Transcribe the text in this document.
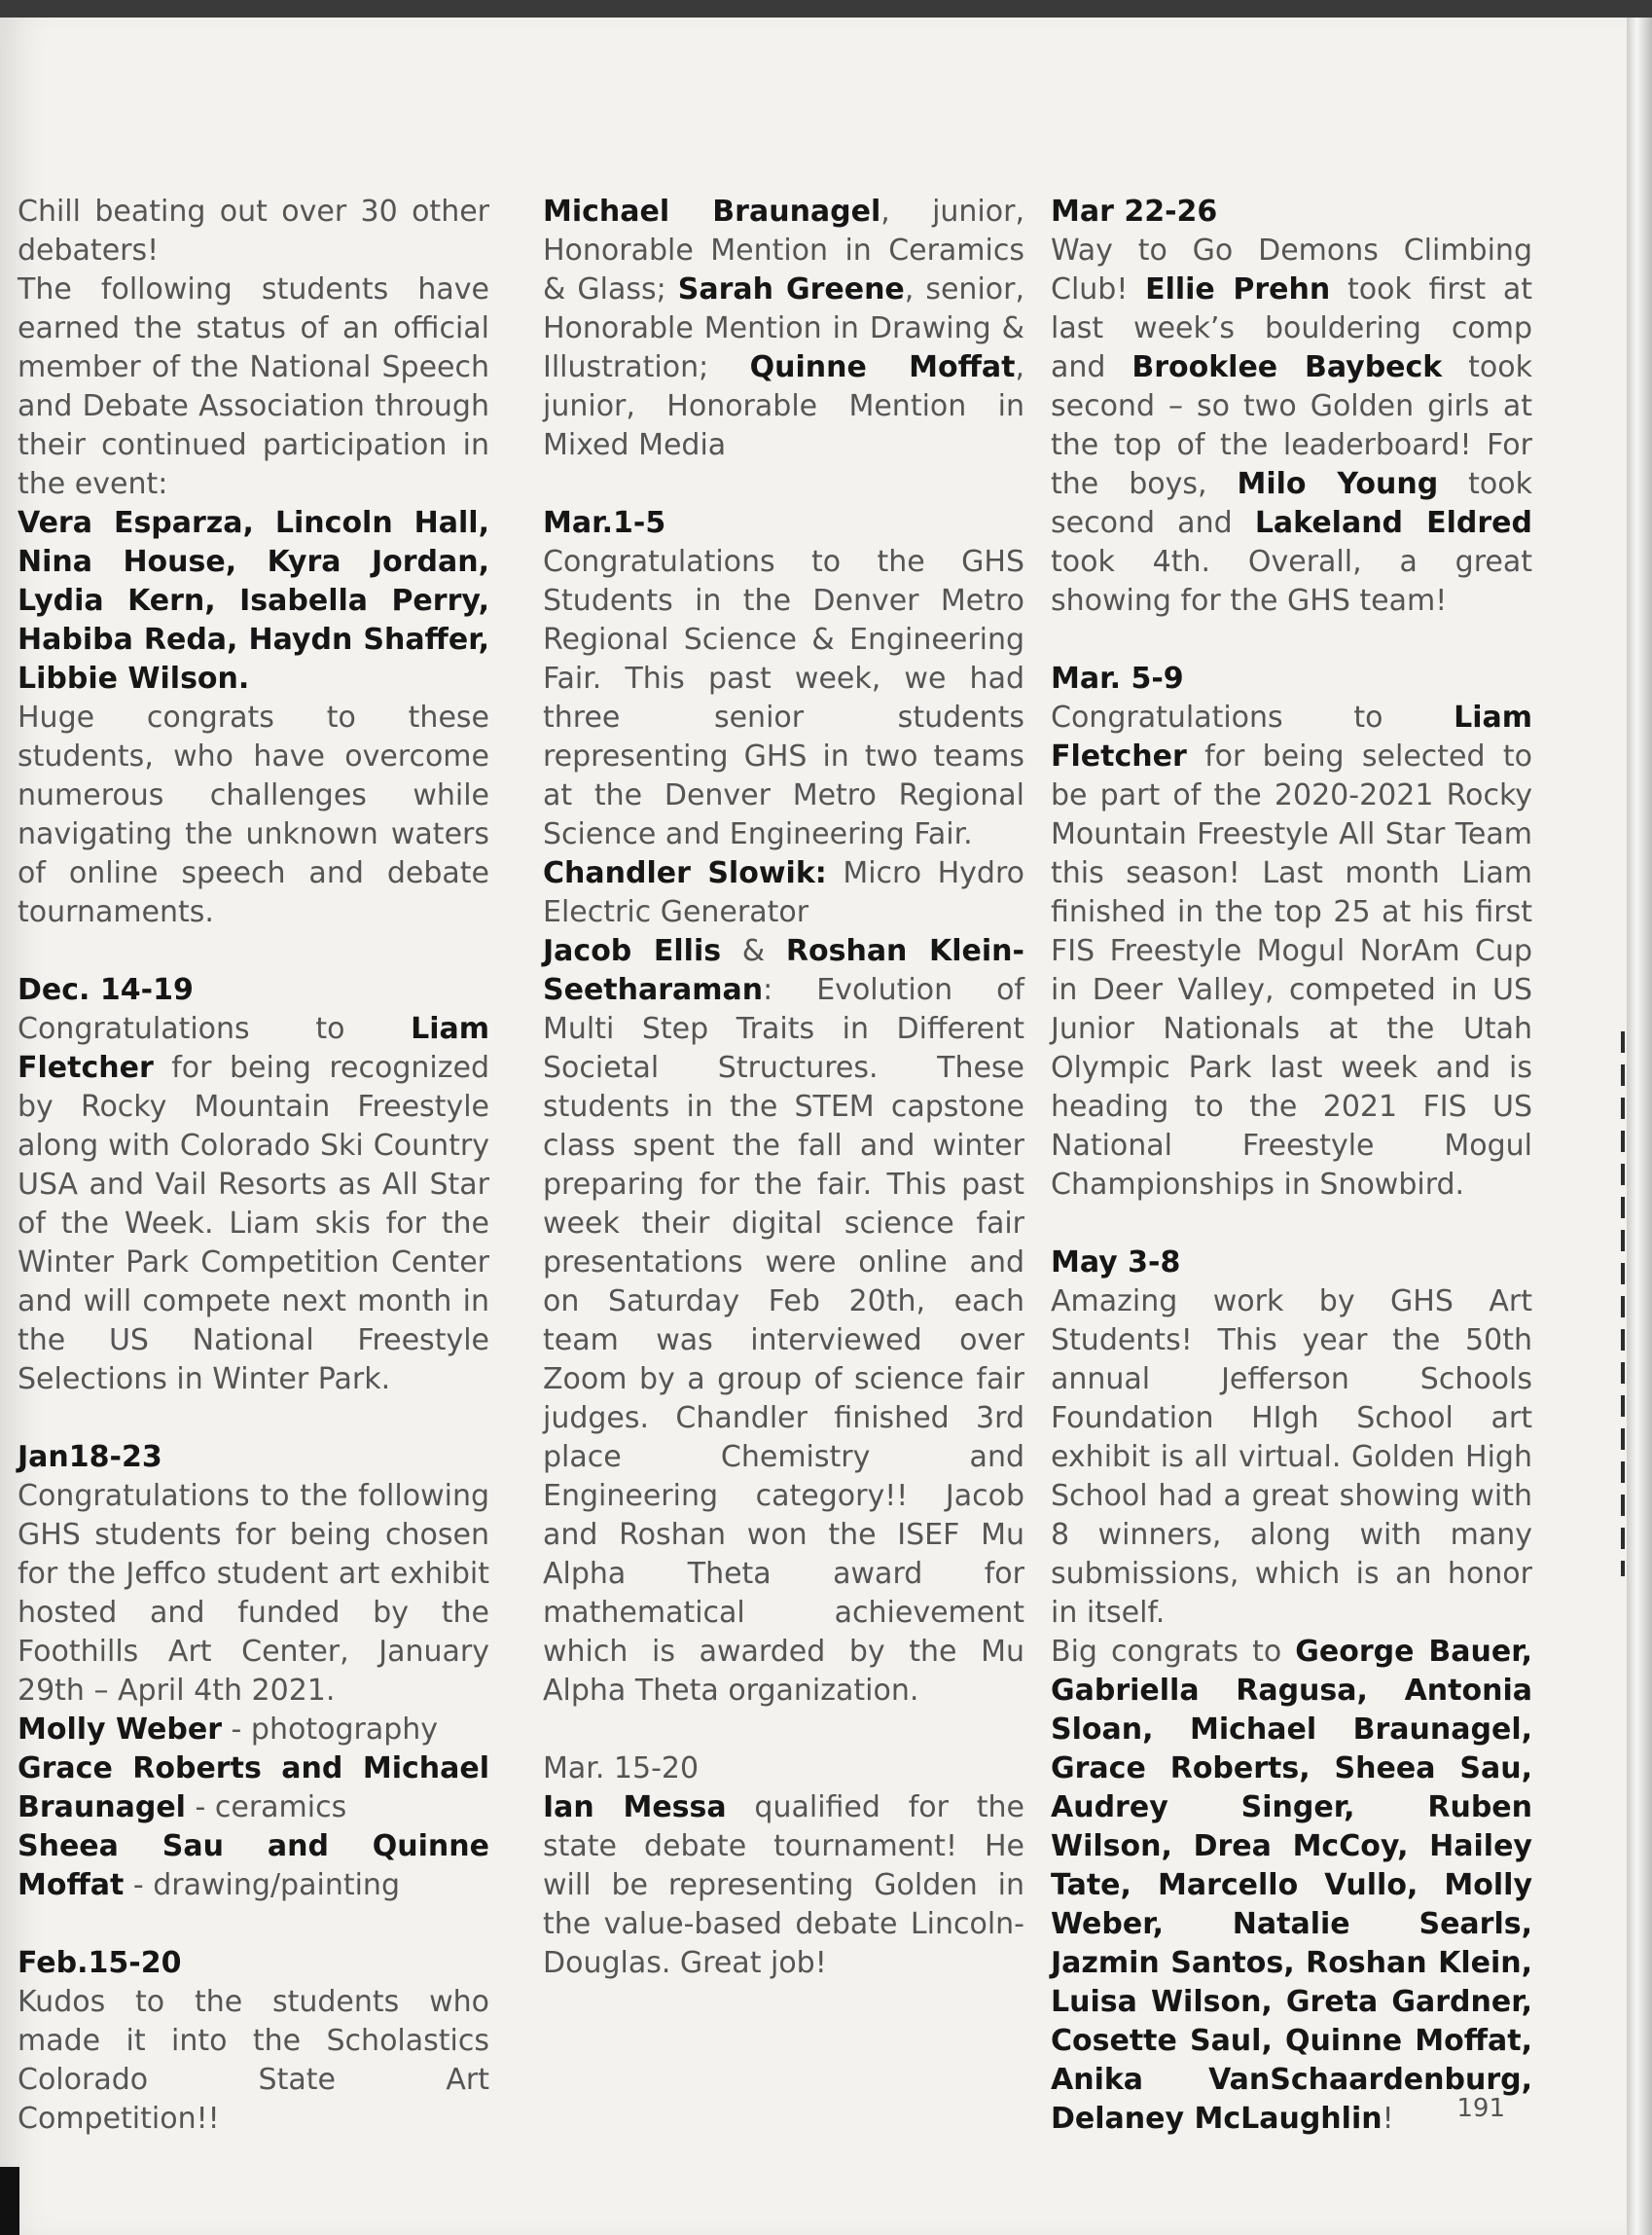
Chill beating out over 30 other debaters!

The following students have earned the status of an official member of the National Speech and Debate Association through their continued participation in the event:

Vera Esparza, Lincoln Hall, Nina House, Kyra Jordan, Lydia Kern, Isabella Perry, Habiba Reda, Haydn Shaffer, Libbie Wilson.

Huge congrats to these students, who have overcome numerous challenges while navigating the unknown waters of online speech and debate tournaments.

Dec. 14-19

Congratulations to Liam Fletcher for being recognized by Rocky Mountain Freestyle along with Colorado Ski Country USA and Vail Resorts as All Star of the Week. Liam skis for the Winter Park Competition Center and will compete next month in the US National Freestyle Selections in Winter Park.

Jan18-23

Congratulations to the following GHS students for being chosen for the Jeffco student art exhibit hosted and funded by the Foothills Art Center, January 29th – April 4th 2021.

Molly Weber - photography

Grace Roberts and Michael Braunagel - ceramics

Sheea Sau and Quinne Moffat - drawing/painting

Feb.15-20

Kudos to the students who made it into the Scholastics Colorado State Art Competition!!

Michael Braunagel, junior, Honorable Mention in Ceramics & Glass; Sarah Greene, senior, Honorable Mention in Drawing & Illustration; Quinne Moffat, junior, Honorable Mention in Mixed Media

Mar.1-5

Congratulations to the GHS Students in the Denver Metro Regional Science & Engineering Fair. This past week, we had three senior students representing GHS in two teams at the Denver Metro Regional Science and Engineering Fair.

Chandler Slowik: Micro Hydro Electric Generator

Jacob Ellis & Roshan Klein-Seetharaman: Evolution of Multi Step Traits in Different Societal Structures. These students in the STEM capstone class spent the fall and winter preparing for the fair. This past week their digital science fair presentations were online and on Saturday Feb 20th, each team was interviewed over Zoom by a group of science fair judges. Chandler finished 3rd place Chemistry and Engineering category!! Jacob and Roshan won the ISEF Mu Alpha Theta award for mathematical achievement which is awarded by the Mu Alpha Theta organization.

Mar. 15-20

Ian Messa qualified for the state debate tournament! He will be representing Golden in the value-based debate Lincoln-Douglas. Great job!

Mar 22-26

Way to Go Demons Climbing Club! Ellie Prehn took first at last week’s bouldering comp and Brooklee Baybeck took second – so two Golden girls at the top of the leaderboard! For the boys, Milo Young took second and Lakeland Eldred took 4th. Overall, a great showing for the GHS team!

Mar. 5-9

Congratulations to Liam Fletcher for being selected to be part of the 2020-2021 Rocky Mountain Freestyle All Star Team this season! Last month Liam finished in the top 25 at his first FIS Freestyle Mogul NorAm Cup in Deer Valley, competed in US Junior Nationals at the Utah Olympic Park last week and is heading to the 2021 FIS US National Freestyle Mogul Championships in Snowbird.

May 3-8

Amazing work by GHS Art Students! This year the 50th annual Jefferson Schools Foundation HIgh School art exhibit is all virtual. Golden High School had a great showing with 8 winners, along with many submissions, which is an honor in itself.

Big congrats to George Bauer, Gabriella Ragusa, Antonia Sloan, Michael Braunagel, Grace Roberts, Sheea Sau, Audrey Singer, Ruben Wilson, Drea McCoy, Hailey Tate, Marcello Vullo, Molly Weber, Natalie Searls, Jazmin Santos, Roshan Klein, Luisa Wilson, Greta Gardner, Cosette Saul, Quinne Moffat, Anika VanSchaardenburg, Delaney McLaughlin!	191
